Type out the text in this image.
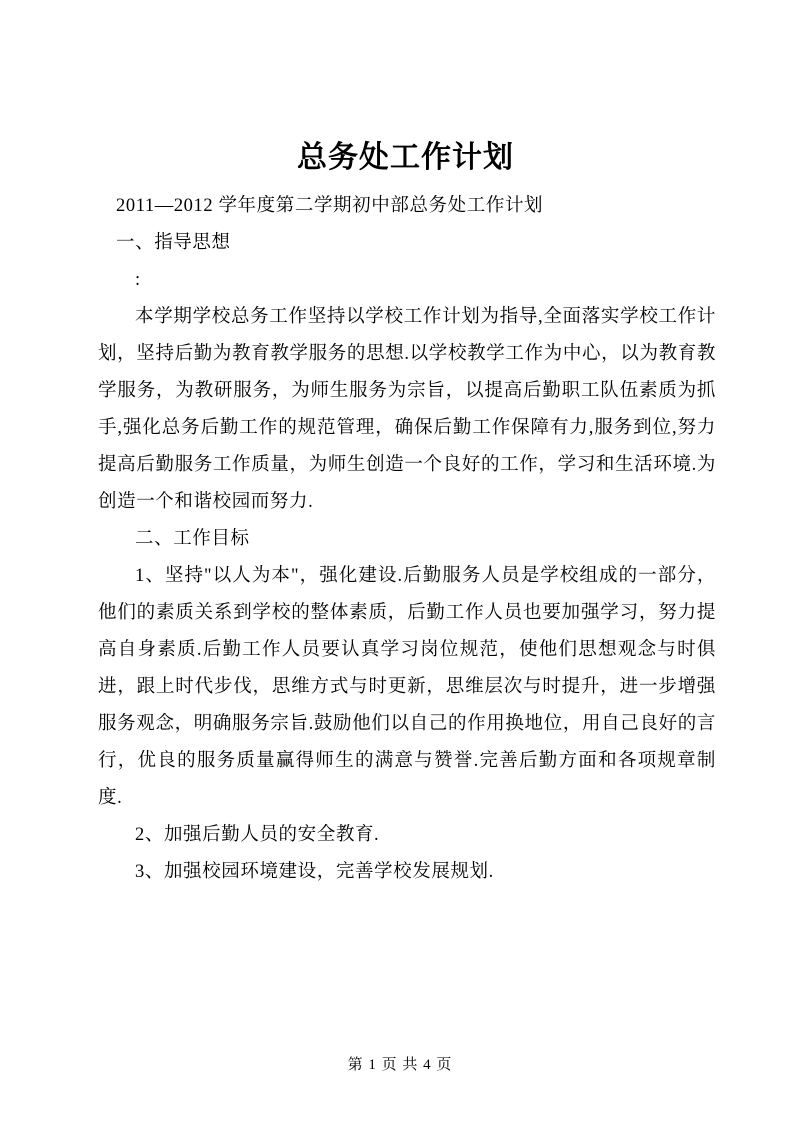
总务处工作计划

2011—2012 学年度第二学期初中部总务处工作计划

一、指导思想

:

本学期学校总务工作坚持以学校工作计划为指导,全面落实学校工作计划，坚持后勤为教育教学服务的思想.以学校教学工作为中心，以为教育教学服务，为教研服务，为师生服务为宗旨，以提高后勤职工队伍素质为抓手,强化总务后勤工作的规范管理，确保后勤工作保障有力,服务到位,努力提高后勤服务工作质量，为师生创造一个良好的工作，学习和生活环境.为创造一个和谐校园而努力.

二、工作目标

1、坚持"以人为本"，强化建设.后勤服务人员是学校组成的一部分，他们的素质关系到学校的整体素质，后勤工作人员也要加强学习，努力提高自身素质.后勤工作人员要认真学习岗位规范，使他们思想观念与时俱进，跟上时代步伐，思维方式与时更新，思维层次与时提升，进一步增强服务观念，明确服务宗旨.鼓励他们以自己的作用换地位，用自己良好的言行，优良的服务质量赢得师生的满意与赞誉.完善后勤方面和各项规章制度.

2、加强后勤人员的安全教育.

3、加强校园环境建设，完善学校发展规划.

第 1 页 共 4 页
